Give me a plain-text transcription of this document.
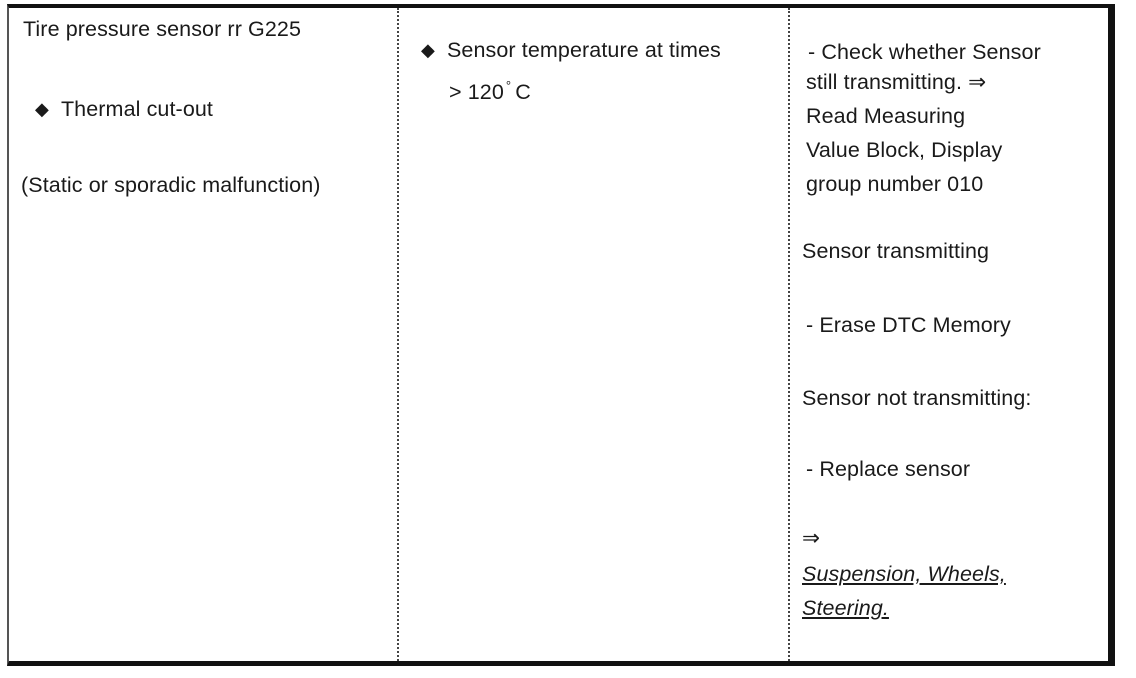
Tire pressure sensor rr G225
◆ Thermal cut-out
(Static or sporadic malfunction)
◆ Sensor temperature at times
> 120 ° C
- Check whether Sensor
still transmitting. ⇒
Read Measuring
Value Block, Display
group number 010
Sensor transmitting
- Erase DTC Memory
Sensor not transmitting:
- Replace sensor
⇒
Suspension, Wheels,
Steering.
